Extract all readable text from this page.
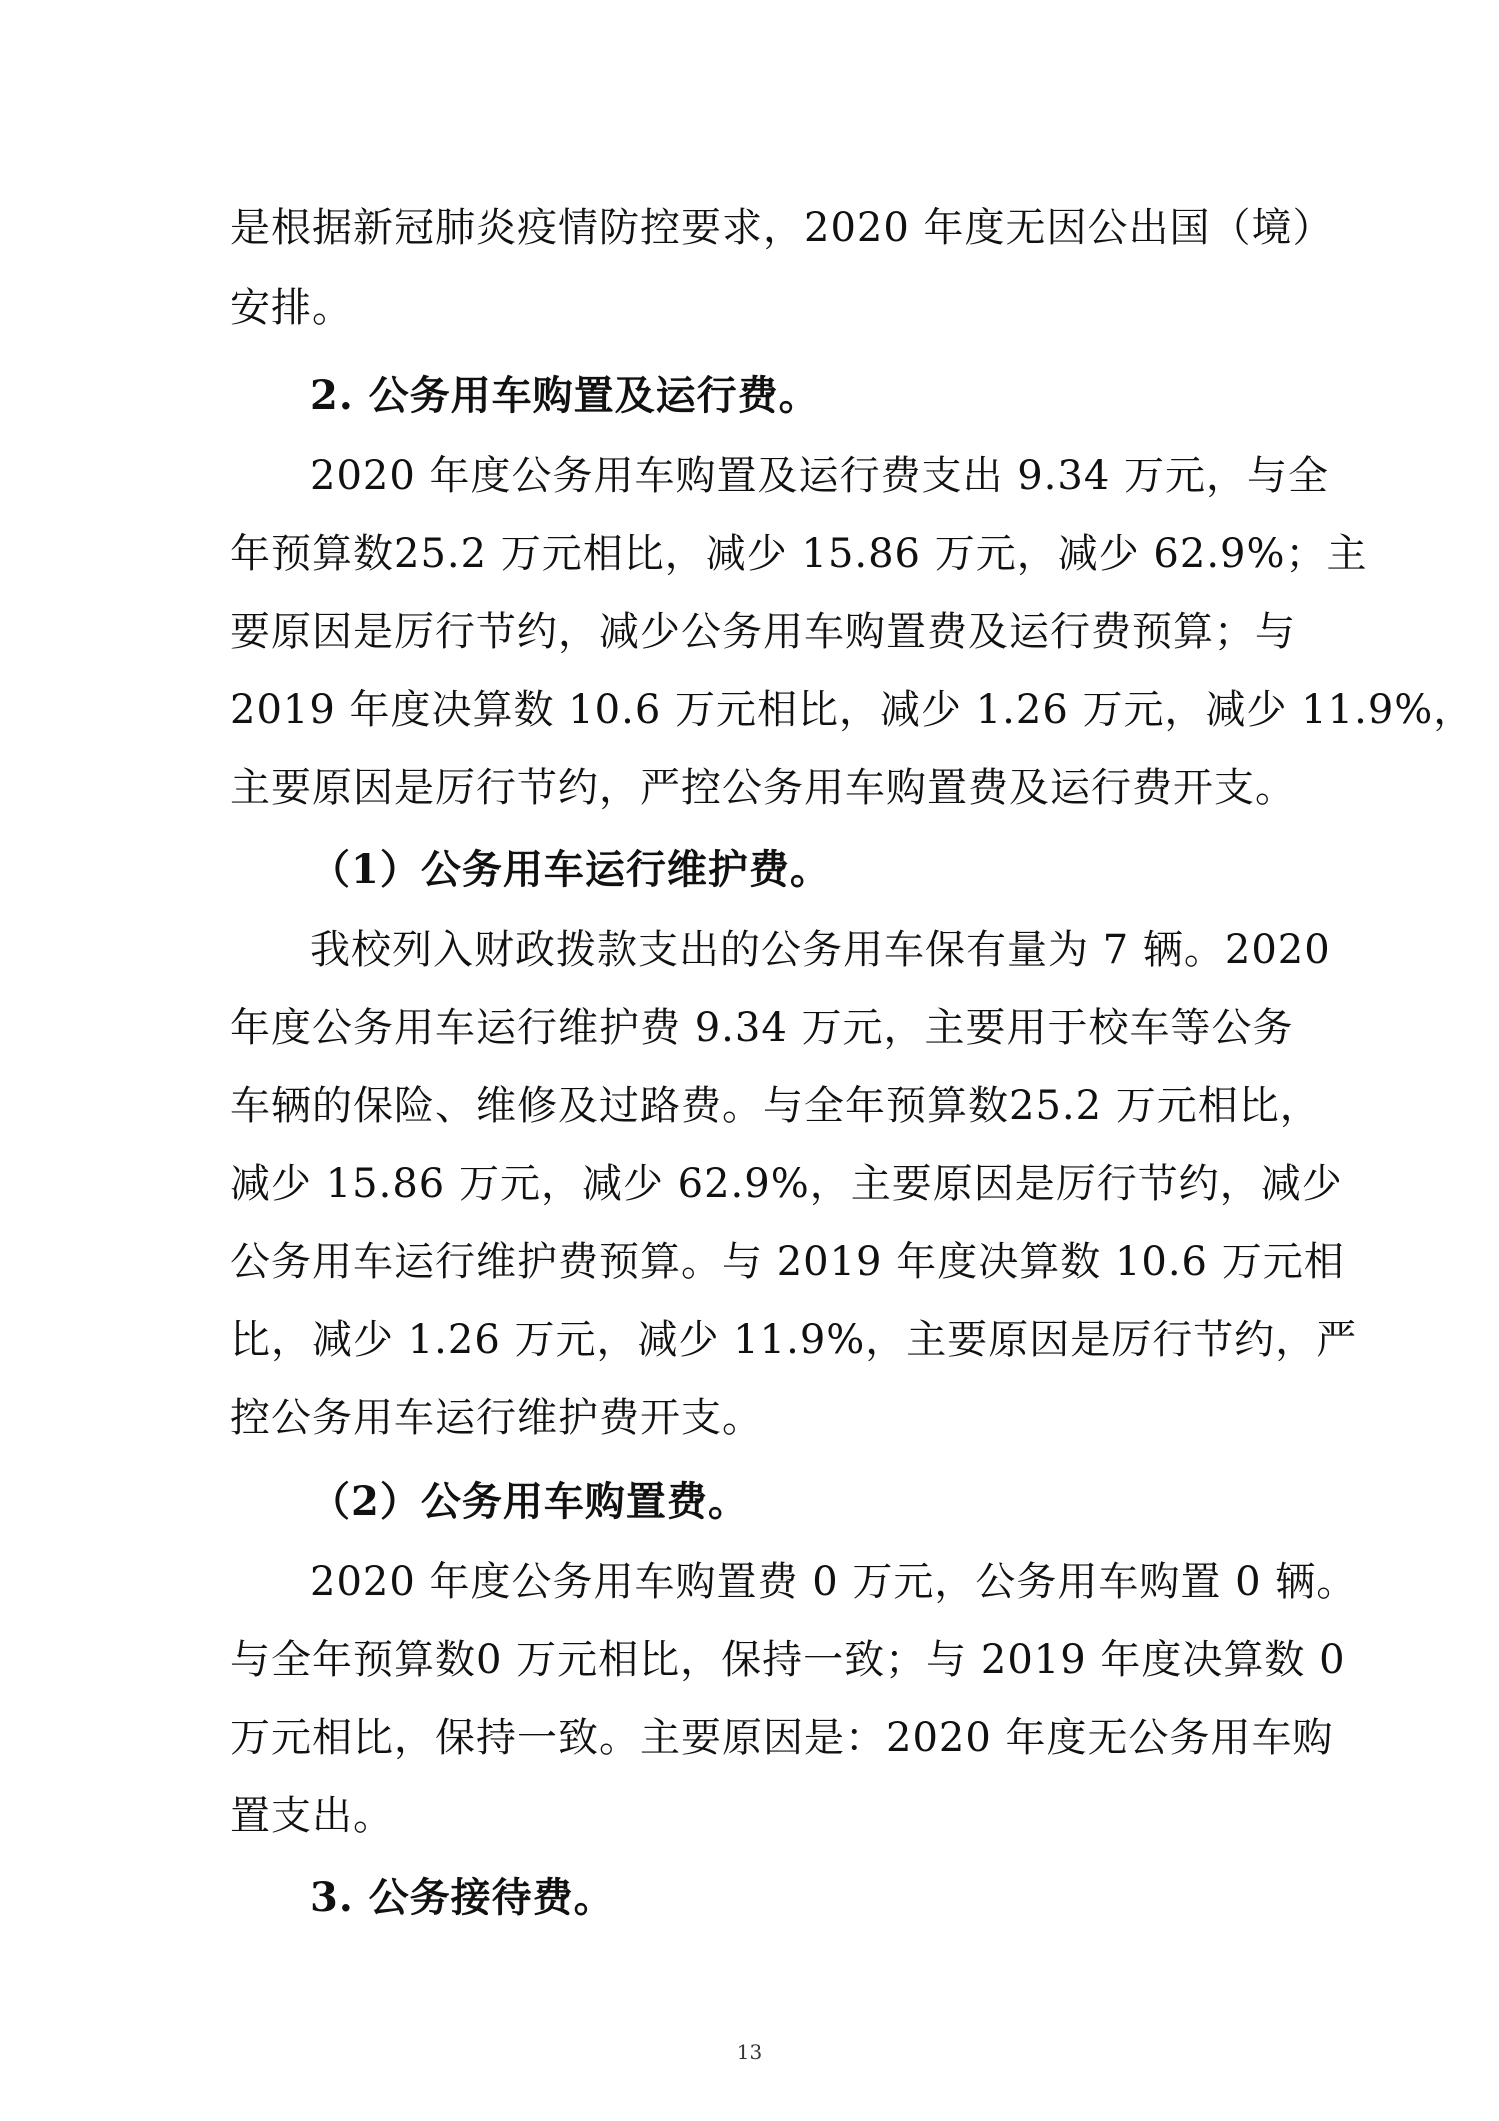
是根据新冠肺炎疫情防控要求，2020 年度无因公出国（境）
安排。
2. 公务用车购置及运行费。
2020 年度公务用车购置及运行费支出 9.34 万元，与全
年预算数25.2 万元相比，减少 15.86 万元，减少 62.9%；主
要原因是厉行节约，减少公务用车购置费及运行费预算；与
2019 年度决算数 10.6 万元相比，减少 1.26 万元，减少 11.9%，
主要原因是厉行节约，严控公务用车购置费及运行费开支。
（1）公务用车运行维护费。
我校列入财政拨款支出的公务用车保有量为 7 辆。2020
年度公务用车运行维护费 9.34 万元，主要用于校车等公务
车辆的保险、维修及过路费。与全年预算数25.2 万元相比，
减少 15.86 万元，减少 62.9%，主要原因是厉行节约，减少
公务用车运行维护费预算。与 2019 年度决算数 10.6 万元相
比，减少 1.26 万元，减少 11.9%，主要原因是厉行节约，严
控公务用车运行维护费开支。
（2）公务用车购置费。
2020 年度公务用车购置费 0 万元，公务用车购置 0 辆。
与全年预算数0 万元相比，保持一致；与 2019 年度决算数 0
万元相比，保持一致。主要原因是：2020 年度无公务用车购
置支出。
3. 公务接待费。
13
